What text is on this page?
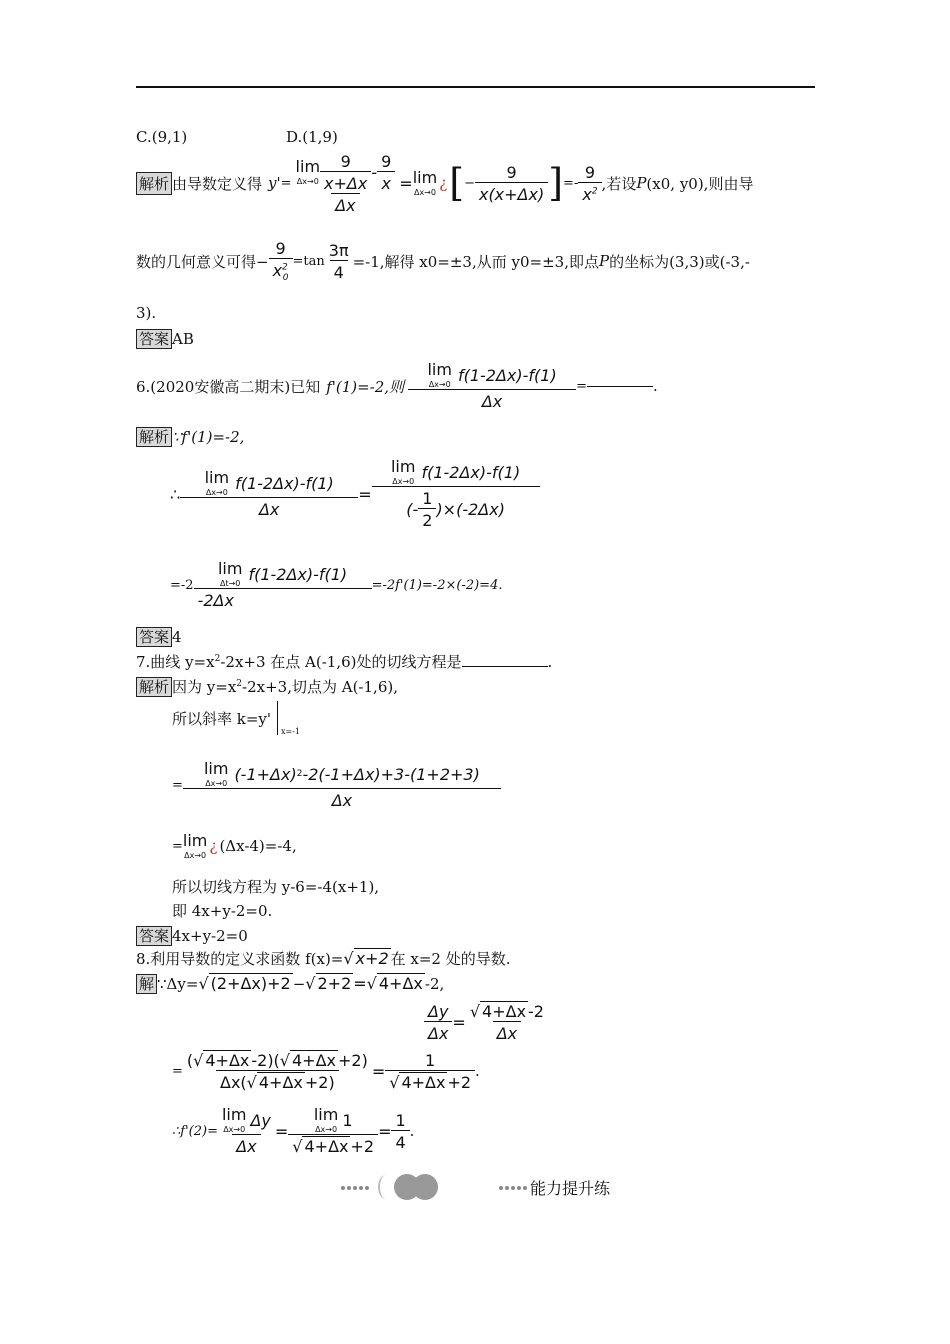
C.(9,1)	D.(1,9)
解析 由导数定义得 y' = lim
$\Delta x\to 0 \frac{9}{x+\Delta x} - \frac{9}{x}$
Δx = lim
Δx→0 ¿ [ − $\frac{9}{x(x+\Delta x)}$ ] =- $\frac{9}{x^2}$ ,若设 P (x0, y0),则由导
数的几何意义可得− $\frac{9}{x^2_0} =\tan \frac{3\pi}{4} =-1$,解得 x0=±3,从而 y0=±3,即点 P 的坐标为(3,3)或(-3,-
3).
答案 AB
6.(2020安徽高二期末)已知 f'(1)=-2,则 lim
Δx→0 f(1-2Δx)-f(1)
Δx =	.
解析 ∵f'(1)=-2,
∴ lim
Δx→0 f(1-2Δx)-f(1)
Δx = lim
Δx→0 f(1-2Δx)-f(1)
(- $\frac{1}{2} )\times(-2\Delta x)$
=-2 lim
Δt→0 f(1-2Δx)-f(1)
-2Δx =-2f'(1)=-2×(-2)=4.
答案 4
7.曲线 $y=x^2-2x+3$ 在点 A(-1,6)处的切线方程是	.
解析 因为 $y=x^2-2x+3$,切点为 A(-1,6),
所以斜率 k=y'
x=-1
= lim
Δx→0 (-1+Δx) 2 -2(-1+Δx)+3-(1+2+3)
Δx
= lim
Δx→0 ¿ (Δx-4)=-4,
所以切线方程为 y-6=-4(x+1),
即 4x+y-2=0.
答案 4x+y-2=0
8.利用导数的定义求函数 f(x)=√ x+2 在 x=2 处的导数.
解 ∵Δy=√ (2+Δx)+2 −√ 2+2 =√ 4+Δx -2,
$\frac{\Delta y}{\Delta x} = \frac{√ 4+\Delta x -2}{\Delta x}$
= $\frac{(√ 4+\Delta x -2)(√ 4+\Delta x +2)}{\Delta x(√ 4+\Delta x +2)} = \frac{1}{√ 4+\Delta x +2}$ .
∴f'(2)= lim
Δx→0 Δy
Δx = lim
Δx→0 1
√ $4+\Delta x +2 = \frac{1}{4}$ .
能力提升练
